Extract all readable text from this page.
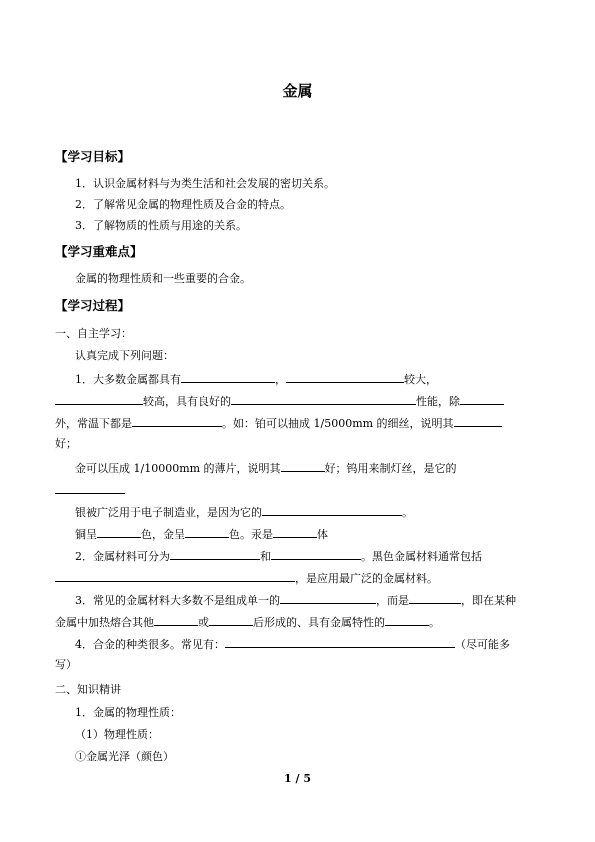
金属
【学习目标】
1．认识金属材料与为类生活和社会发展的密切关系。
2．了解常见金属的物理性质及合金的特点。
3．了解物质的性质与用途的关系。
【学习重难点】
金属的物理性质和一些重要的合金。
【学习过程】
一、自主学习：
认真完成下列问题：
1．大多数金属都具有	，	较大，
较高，具有良好的	性能，除
外，常温下都是	。如：铂可以抽成 1/5000mm 的细丝，说明其
好；
金可以压成 1/10000mm 的薄片，说明其	好；钨用来制灯丝，是它的
银被广泛用于电子制造业，是因为它的	。
铜呈	色，金呈	色。汞是	体
2．金属材料可分为	和	。黑色金属材料通常包括
，是应用最广泛的金属材料。
3．常见的金属材料大多数不是组成单一的	，而是	，即在某种
金属中加热熔合其他	或	后形成的、具有金属特性的	。
4．合金的种类很多。常见有：	（尽可能多
写）
二、知识精讲
1．金属的物理性质：
（1）物理性质：
①金属光泽（颜色）
1 / 5
